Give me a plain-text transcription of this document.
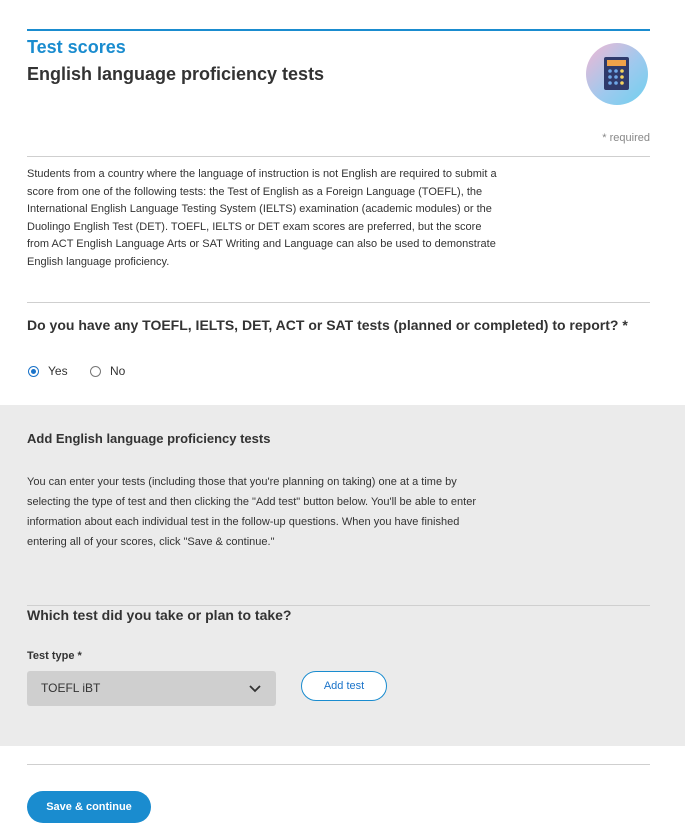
Test scores
English language proficiency tests
* required
Students from a country where the language of instruction is not English are required to submit a score from one of the following tests: the Test of English as a Foreign Language (TOEFL), the International English Language Testing System (IELTS) examination (academic modules) or the Duolingo English Test (DET). TOEFL, IELTS or DET exam scores are preferred, but the score from ACT English Language Arts or SAT Writing and Language can also be used to demonstrate English language proficiency.
Do you have any TOEFL, IELTS, DET, ACT or SAT tests (planned or completed) to report? *
Yes	No
Add English language proficiency tests
You can enter your tests (including those that you're planning on taking) one at a time by selecting the type of test and then clicking the "Add test" button below. You'll be able to enter information about each individual test in the follow-up questions. When you have finished entering all of your scores, click "Save & continue."
Which test did you take or plan to take?
Test type *
TOEFL iBT	Add test
Save & continue
